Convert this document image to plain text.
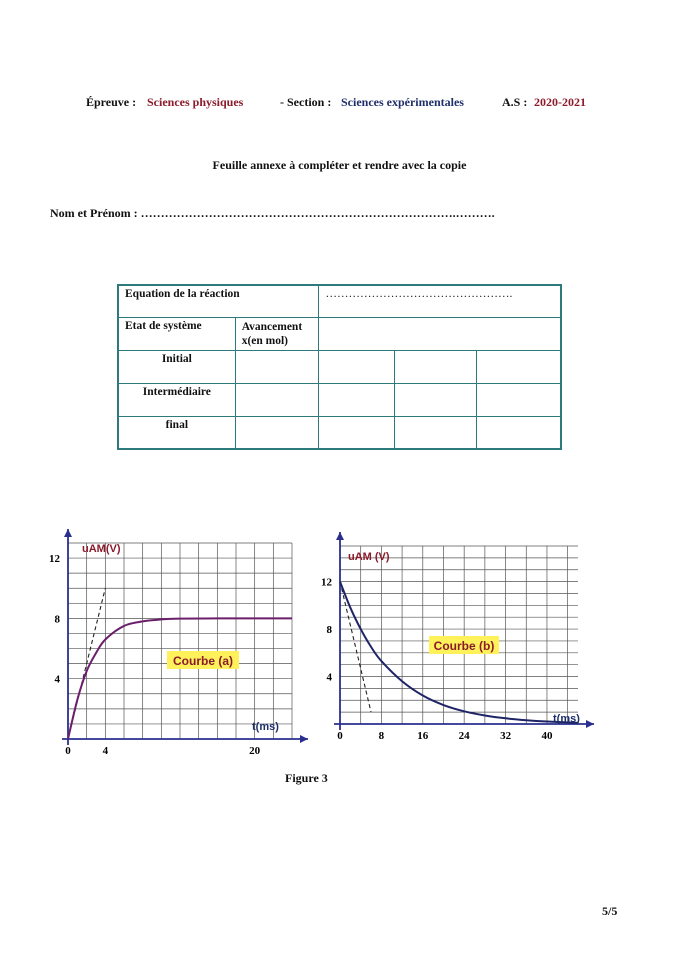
Épreuve : Sciences physiques	- Section : Sciences expérimentales	A.S : 2020-2021
Feuille annexe à compléter et rendre avec la copie
Nom et Prénom : …………………………………………………………………….……….
Equation de la réaction		………………………………………….		
Etat de système	Avancement
x(en mol)			
Initial				
Intermédiaire				
final				
0	4	20
4
8
12
Courbe (a)
uAM(V)
t(ms)
0	8	16	24	32	40
4
8
12
Courbe (b)
uAM (V)
t(ms)
Figure 3
5/5
